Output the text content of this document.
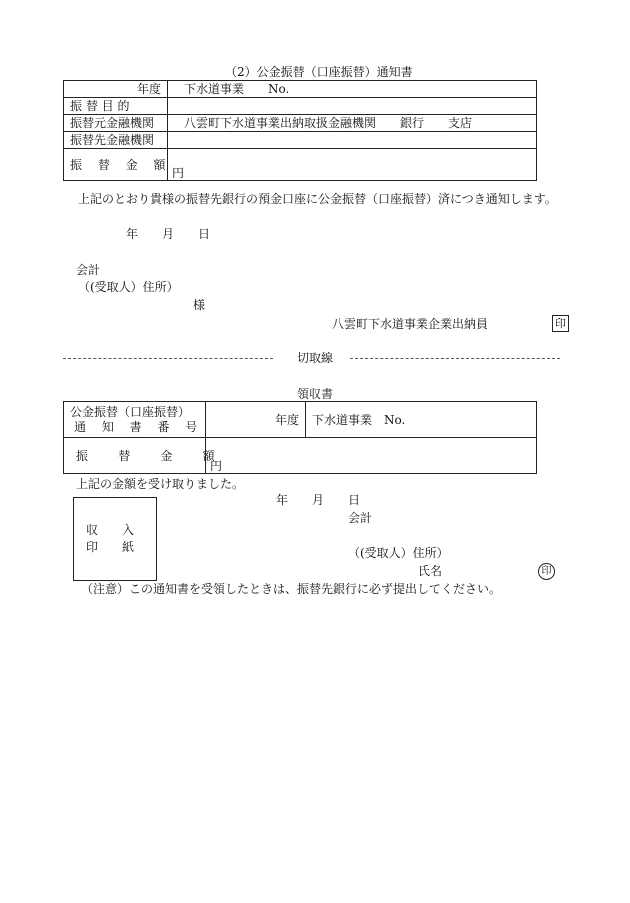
（2）公金振替（口座振替）通知書
年度	下水道事業　　No.
振 替 目 的	
振替元金融機関	八雲町下水道事業出納取扱金融機関　　銀行　　支店
振替先金融機関	
振 替 金 額	円
上記のとおり貴様の振替先銀行の預金口座に公金振替（口座振替）済につき通知します。
年　　月　　日
会計
（(受取人）住所）
様
八雲町下水道事業企業出納員	印
切取線
領収書
公金振替（口座振替）
通 知 書 番 号	年度	下水道事業　No.
振 替 金 額	円	
上記の金額を受け取りました。
年　　月　　日
会計
収　　入
印　　紙	（(受取人）住所）
氏名	印
（注意）この通知書を受領したときは、振替先銀行に必ず提出してください。
